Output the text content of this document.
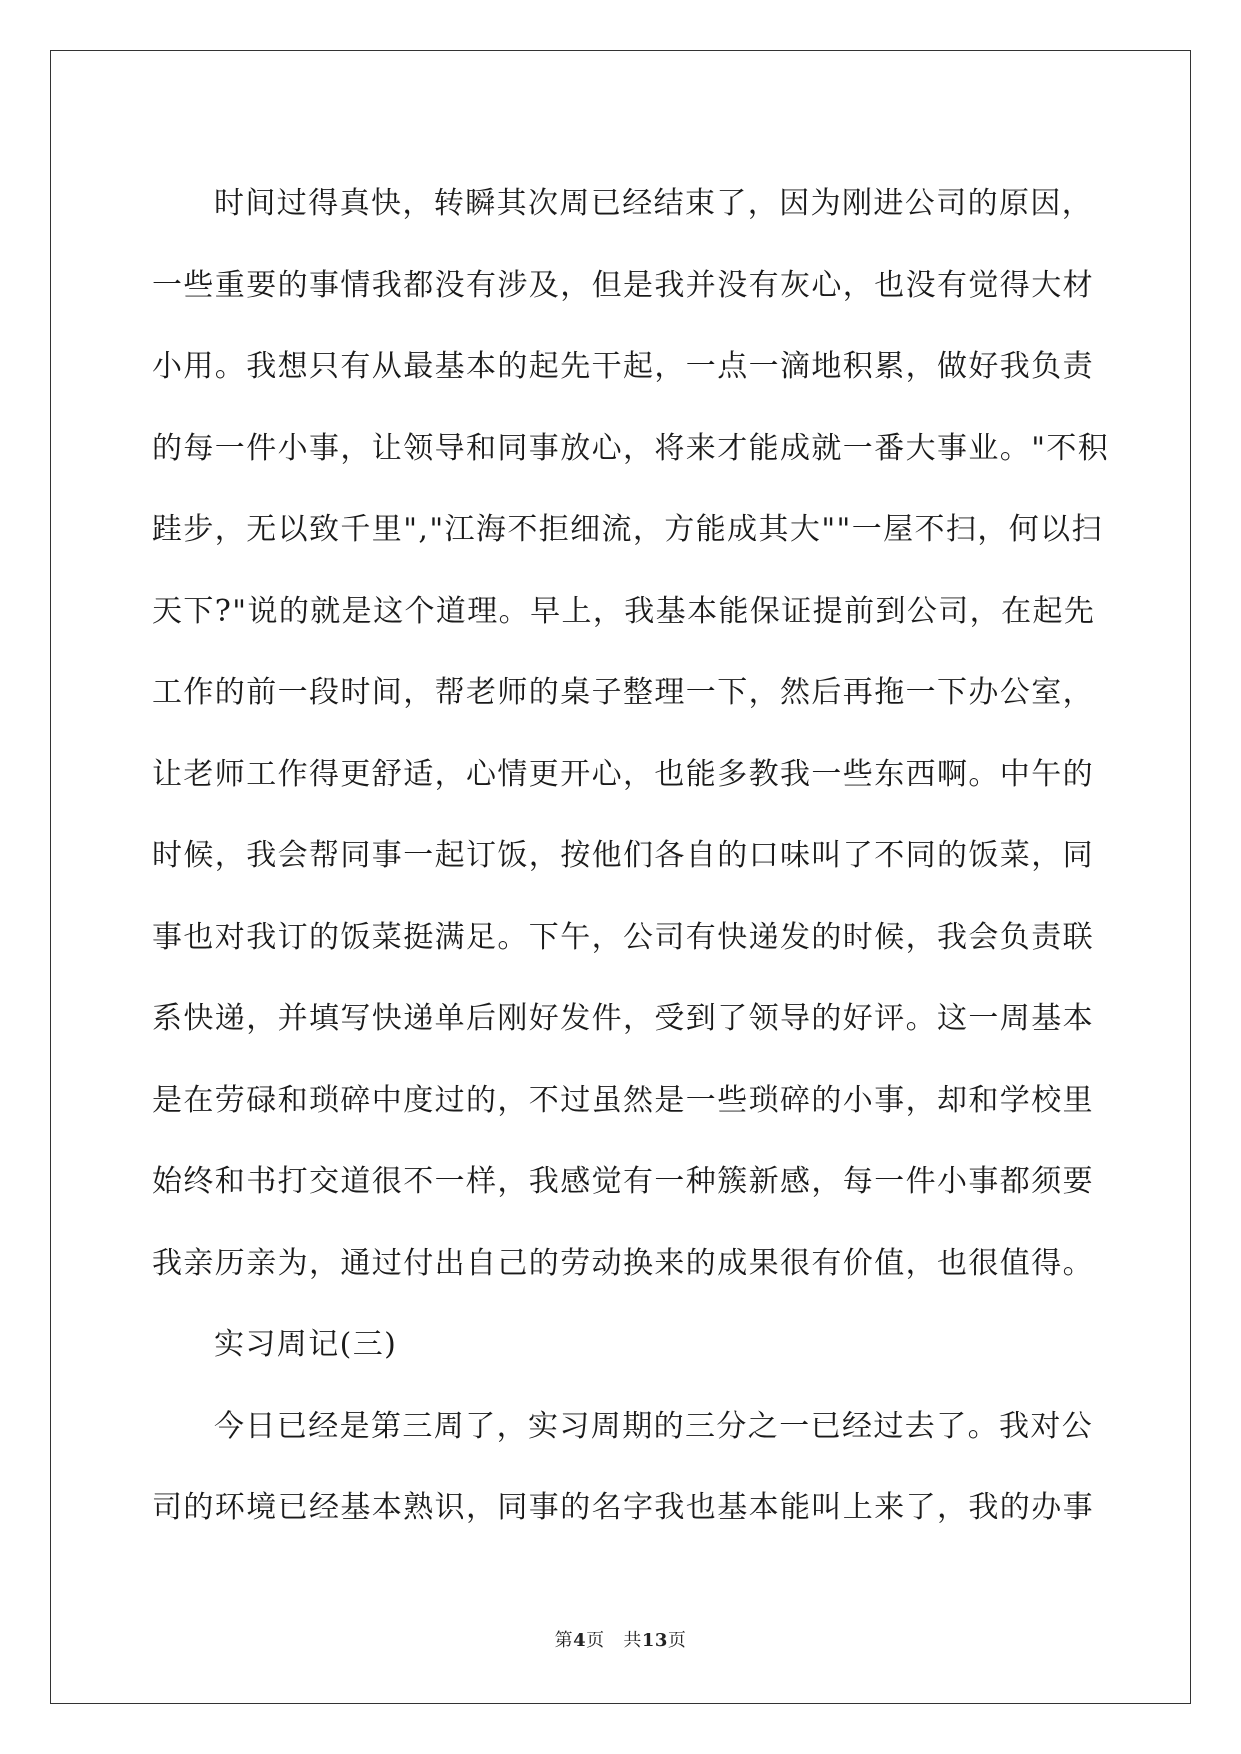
时间过得真快，转瞬其次周已经结束了，因为刚进公司的原因，
一些重要的事情我都没有涉及，但是我并没有灰心，也没有觉得大材
小用。我想只有从最基本的起先干起，一点一滴地积累，做好我负责
的每一件小事，让领导和同事放心，将来才能成就一番大事业。"不积
跬步，无以致千里","江海不拒细流，方能成其大""一屋不扫，何以扫
天下?"说的就是这个道理。早上，我基本能保证提前到公司，在起先
工作的前一段时间，帮老师的桌子整理一下，然后再拖一下办公室，
让老师工作得更舒适，心情更开心，也能多教我一些东西啊。中午的
时候，我会帮同事一起订饭，按他们各自的口味叫了不同的饭菜，同
事也对我订的饭菜挺满足。下午，公司有快递发的时候，我会负责联
系快递，并填写快递单后刚好发件，受到了领导的好评。这一周基本
是在劳碌和琐碎中度过的，不过虽然是一些琐碎的小事，却和学校里
始终和书打交道很不一样，我感觉有一种簇新感，每一件小事都须要
我亲历亲为，通过付出自己的劳动换来的成果很有价值，也很值得。
实习周记(三)
今日已经是第三周了，实习周期的三分之一已经过去了。我对公
司的环境已经基本熟识，同事的名字我也基本能叫上来了，我的办事
第4页 共13页
